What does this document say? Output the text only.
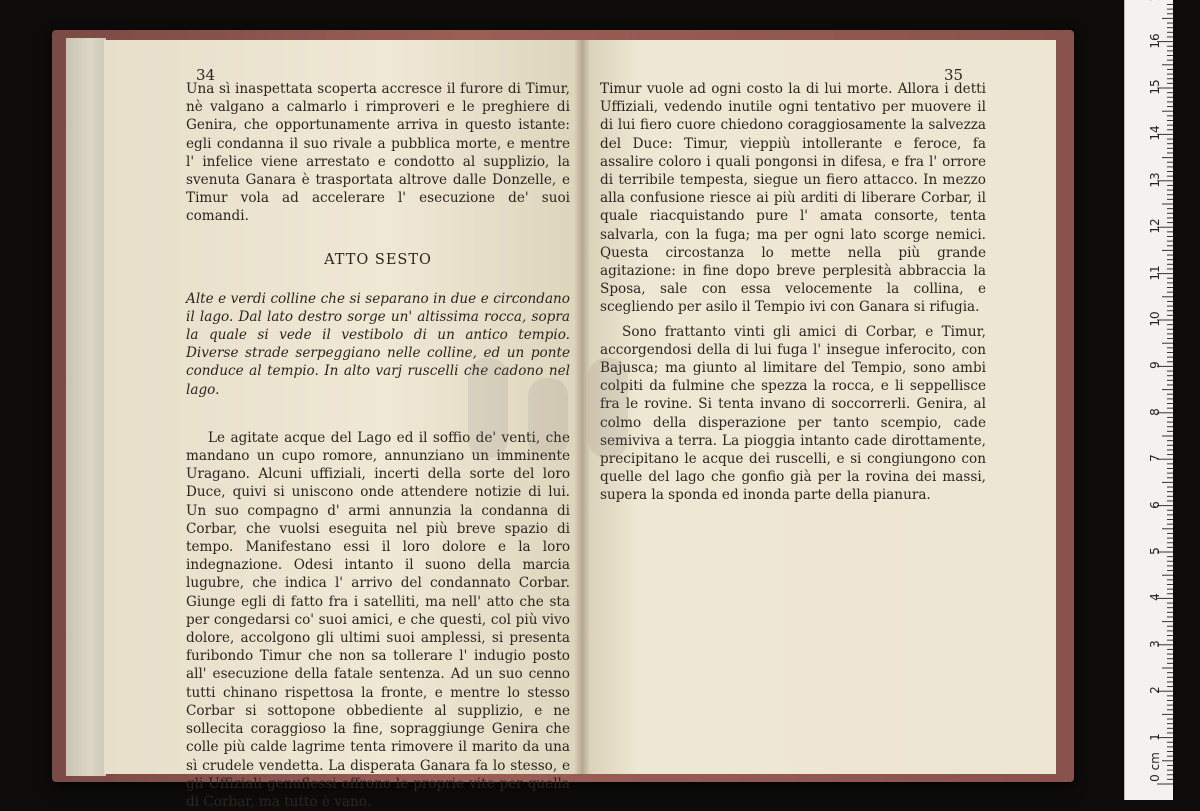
Una sì inaspettata scoperta accresce il furore di Timur, nè valgano a calmarlo i rimproveri e le preghiere di Genira, che opportunamente arriva in questo istante: egli condanna il suo rivale a pubblica morte, e mentre l' infelice viene arrestato e condotto al supplizio, la svenuta Ganara è trasportata altrove dalle Donzelle, e Timur vola ad accelerare l' esecuzione de' suoi comandi.

ATTO SESTO

Alte e verdi colline che si separano in due e circondano il lago. Dal lato destro sorge un' altissima rocca, sopra la quale si vede il vestibolo di un antico tempio. Diverse strade serpeggiano nelle colline, ed un ponte conduce al tempio. In alto varj ruscelli che cadono nel lago.

Le agitate acque del Lago ed il soffio de' venti, che mandano un cupo romore, annunziano un imminente Uragano. Alcuni uffiziali, incerti della sorte del loro Duce, quivi si uniscono onde attendere notizie di lui. Un suo compagno d' armi annunzia la condanna di Corbar, che vuolsi eseguita nel più breve spazio di tempo. Manifestano essi il loro dolore e la loro indegnazione. Odesi intanto il suono della marcia lugubre, che indica l' arrivo del condannato Corbar. Giunge egli di fatto fra i satelliti, ma nell' atto che sta per congedarsi co' suoi amici, e che questi, col più vivo dolore, accolgono gli ultimi suoi amplessi, si presenta furibondo Timur che non sa tollerare l' indugio posto all' esecuzione della fatale sentenza. Ad un suo cenno tutti chinano rispettosa la fronte, e mentre lo stesso Corbar si sottopone obbediente al supplizio, e ne sollecita coraggioso la fine, sopraggiunge Genira che colle più calde lagrime tenta rimovere il marito da una sì crudele vendetta. La disperata Ganara fa lo stesso, e gli Uffiziali genuflessi offrono le proprie vite per quella di Corbar, ma tutto è vano.

Timur vuole ad ogni costo la di lui morte. Allora i detti Uffiziali, vedendo inutile ogni tentativo per muovere il di lui fiero cuore chiedono coraggiosamente la salvezza del Duce: Timur, vieppiù intollerante e feroce, fa assalire coloro i quali pongonsi in difesa, e fra l' orrore di terribile tempesta, siegue un fiero attacco. In mezzo alla confusione riesce ai più arditi di liberare Corbar, il quale riacquistando pure l' amata consorte, tenta salvarla, con la fuga; ma per ogni lato scorge nemici. Questa circostanza lo mette nella più grande agitazione: in fine dopo breve perplesità abbraccia la Sposa, sale con essa velocemente la collina, e scegliendo per asilo il Tempio ivi con Ganara si rifugia.

Sono frattanto vinti gli amici di Corbar, e Timur, accorgendosi della di lui fuga l' insegue inferocito, con Bajusca; ma giunto al limitare del Tempio, sono ambi colpiti da fulmine che spezza la rocca, e li seppellisce fra le rovine. Si tenta invano di soccorrerli. Genira, al colmo della disperazione per tanto scempio, cade semiviva a terra. La pioggia intanto cade dirottamente, precipitano le acque dei ruscelli, e si congiungono con quelle del lago che gonfio già per la rovina dei massi, supera la sponda ed inonda parte della pianura.

34	35
0 cm
1
2
3
4
5
6
7
8
9
10
11
12
13
14
15
16
